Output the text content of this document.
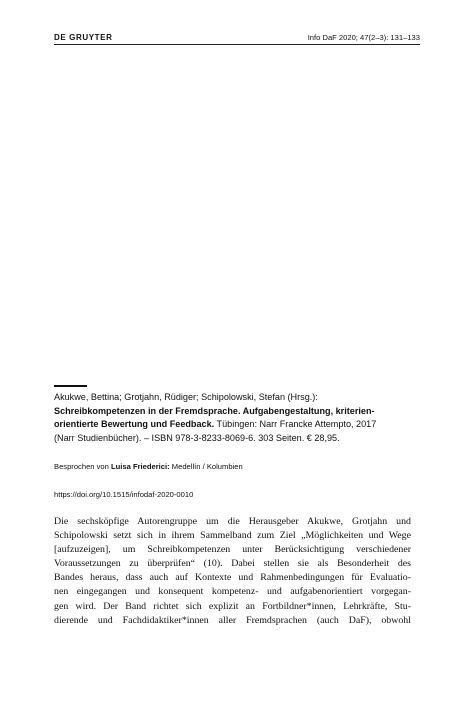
DE GRUYTER	Info DaF 2020; 47(2–3): 131–133
Akukwe, Bettina; Grotjahn, Rüdiger; Schipolowski, Stefan (Hrsg.):
Schreibkompetenzen in der Fremdsprache. Aufgabengestaltung, kriterien-
orientierte Bewertung und Feedback. Tübingen: Narr Francke Attempto, 2017
(Narr Studienbücher). – ISBN 978-3-8233-8069-6. 303 Seiten. € 28,95.
Besprochen von Luisa Friederici: Medellín / Kolumbien
https://doi.org/10.1515/infodaf-2020-0010
Die sechsköpfige Autorengruppe um die Herausgeber Akukwe, Grotjahn und
Schipolowski setzt sich in ihrem Sammelband zum Ziel „Möglichkeiten und Wege
[aufzuzeigen], um Schreibkompetenzen unter Berücksichtigung verschiedener
Voraussetzungen zu überprüfen“ (10). Dabei stellen sie als Besonderheit des
Bandes heraus, dass auch auf Kontexte und Rahmenbedingungen für Evaluatio-
nen eingegangen und konsequent kompetenz- und aufgabenorientiert vorgegan-
gen wird. Der Band richtet sich explizit an Fortbildner*innen, Lehrkräfte, Stu-
dierende und Fachdidaktiker*innen aller Fremdsprachen (auch DaF), obwohl
